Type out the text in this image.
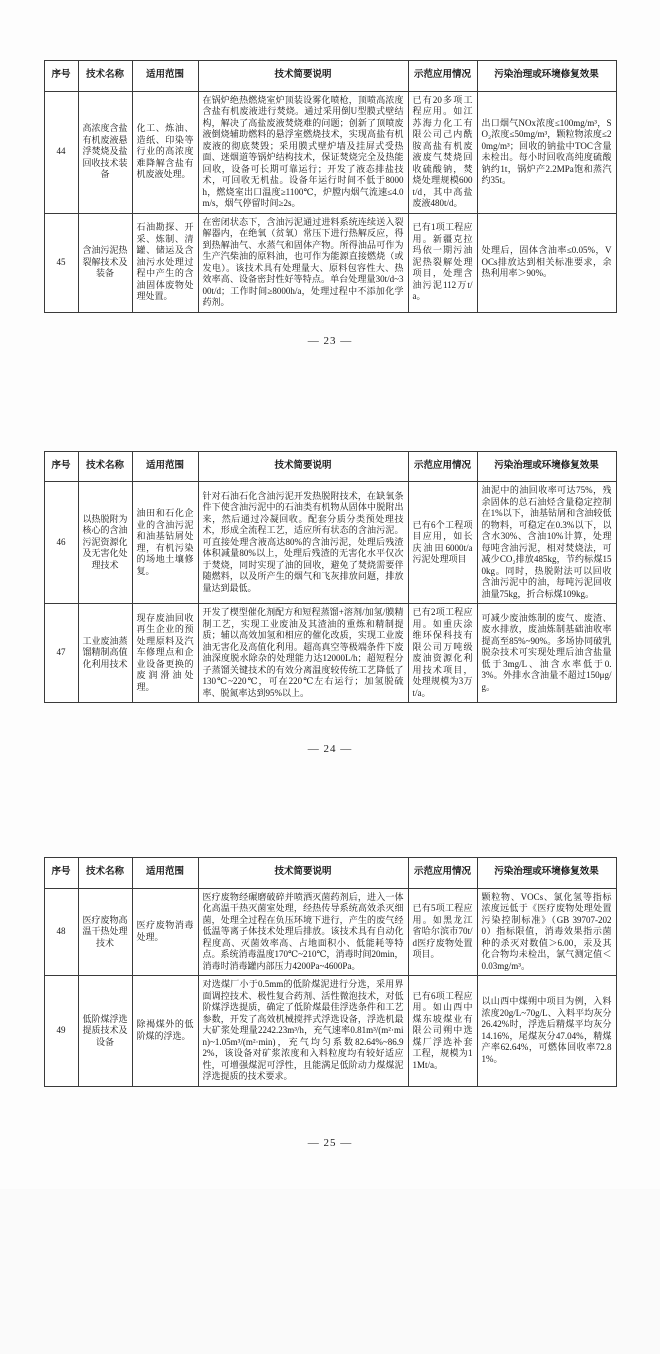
序号	技术名称	适用范围	技术简要说明	示范应用情况	污染治理或环境修复效果
44	高浓度含盐有机废液悬浮焚烧及盐回收技术装备	化工、炼油、造纸、印染等行业的高浓度难降解含盐有机废液处理。	在锅炉绝热燃烧室炉顶装设雾化喷枪，顶喷高浓度含盐有机废液进行焚烧。通过采用倒U型膜式壁结构，解决了高盐废液焚烧难的问题；创新了顶喷废液倒烧辅助燃料的悬浮室燃烧技术，实现高盐有机废液的彻底焚毁；采用膜式壁炉墙及挂屏式受热面、迷烟道等锅炉结构技术，保证焚烧完全及热能回收，设备可长期可靠运行；开发了液态排盐技术，可回收无机盐。设备年运行时间不低于8000h，燃烧室出口温度≥1100℃，炉膛内烟气流速≤4.0m/s，烟气停留时间≥2s。	已有20多项工程应用。如江苏海力化工有限公司己内酰胺高盐有机废液废气焚烧回收硫酸钠，焚烧处理规模600t/d，其中高盐废液480t/d。	出口烟气NOx浓度≤100mg/m³，SO₂浓度≤50mg/m³，颗粒物浓度≤20mg/m³；回收的钠盐中TOC含量未检出。每小时回收高纯度硫酸钠约1t，锅炉产2.2MPa饱和蒸汽约35t。
45	含油污泥热裂解技术及装备	石油勘探、开采、炼制、清罐、储运及含油污水处理过程中产生的含油固体废物处理处置。	在密闭状态下，含油污泥通过进料系统连续送入裂解器内，在绝氧（贫氧）常压下进行热解反应，得到热解油气、水蒸气和固体产物。所得油品可作为生产汽柴油的原料油，也可作为能源直接燃烧（或发电）。该技术具有处理量大、原料包容性大、热效率高、设备密封性好等特点。单台处理量30t/d~300t/d；工作时间≥8000h/a，处理过程中不添加化学药剂。	已有1项工程应用。新疆克拉玛依一期污油泥热裂解处理项目，处理含油污泥112万t/a。	处理后，固体含油率≤0.05%，VOCs排放达到相关标准要求，余热利用率＞90%。
— 23 —
序号	技术名称	适用范围	技术简要说明	示范应用情况	污染治理或环境修复效果
46	以热脱附为核心的含油污泥资源化及无害化处理技术	油田和石化企业的含油污泥和油基钻屑处理，有机污染的场地土壤修复。	针对石油石化含油污泥开发热脱附技术，在缺氧条件下使含油污泥中的石油类有机物从固体中脱附出来，然后通过冷凝回收。配套分质分类预处理技术，形成全流程工艺，适应所有状态的含油污泥。可直接处理含液高达80%的含油污泥，处理后残渣体积减量80%以上，处理后残渣的无害化水平仅次于焚烧，同时实现了油的回收，避免了焚烧需要伴随燃料，以及所产生的烟气和飞灰排放问题，排放量达到最低。	已有6个工程项目应用，如长庆油田6000t/a污泥处理项目	油泥中的油回收率可达75%，残余固体的总石油烃含量稳定控制在1%以下，油基钻屑和含油较低的物料，可稳定在0.3%以下，以含水30%、含油10%计算，处理每吨含油污泥，相对焚烧法，可减少CO₂排放485kg，节约标煤150kg。同时，热脱附法可以回收含油污泥中的油，每吨污泥回收油量75kg，折合标煤109kg。
47	工业废油蒸馏精制高值化利用技术	现存废油回收再生企业的预处理原料及汽车修理点和企业设备更换的废润滑油处理。	开发了楔型催化剂配方和短程蒸馏+溶剂/加氢/膜精制工艺，实现工业废油及其渣油的重炼和精制提质；辅以高效加氢和相应的催化改质，实现工业废油无害化及高值化利用。超高真空等极端条件下废油深度脱水除杂的处理能力达12000L/h；超短程分子蒸馏关键技术的有效分离温度较传统工艺降低了130℃~220℃，可在220℃左右运行；加氢脱硫率、脱氮率达到95%以上。	已有2项工程应用。如重庆涂维环保科技有限公司万吨级废油资源化利用技术项目，处理规模为3万t/a。	可减少废油炼制的废气、废渣、废水排放，废油炼制基础油收率提高至85%~90%。多场协同破乳脱杂技术可实现处理后油含盐量低于3mg/L、油含水率低于0.3%。外排水含油量不超过150μg/g。
— 24 —
序号	技术名称	适用范围	技术简要说明	示范应用情况	污染治理或环境修复效果
48	医疗废物高温干热处理技术	医疗废物消毒处理。	医疗废物经碾磨破碎并喷洒灭菌药剂后，进入一体化高温干热灭菌室处理，经热传导系统高效杀灭细菌，处理全过程在负压环境下进行，产生的废气经低温等离子体技术处理后排放。该技术具有自动化程度高、灭菌效率高、占地面积小、低能耗等特点。系统消毒温度170℃~210℃，消毒时间20min，消毒时消毒罐内部压力4200Pa~4600Pa。	已有5项工程应用。如黑龙江省哈尔滨市70t/d医疗废物处置项目。	颗粒物、VOCs、氯化氢等指标浓度远低于《医疗废物处理处置污染控制标准》（GB 39707-2020）指标限值，消毒效果指示菌种的杀灭对数值＞6.00，汞及其化合物均未检出，氯气测定值＜0.03mg/m³。
49	低阶煤浮选提质技术及设备	除褐煤外的低阶煤的浮选。	对选煤厂小于0.5mm的低阶煤泥进行分选，采用界面调控技术、极性复合药剂、活性微泡技术，对低阶煤浮选提质，确定了低阶煤最佳浮选条件和工艺参数，开发了高效机械搅拌式浮选设备，浮选机最大矿浆处理量2242.23m³/h，充气速率0.81m³/(m²·min)~1.05m³/(m²·min)，充气均匀系数82.64%~86.92%，该设备对矿浆浓度和入料粒度均有较好适应性，可增强煤泥可浮性，且能满足低阶动力煤煤泥浮选提质的技术要求。	已有6项工程应用。如山西中煤东坡煤业有限公司朔中选煤厂浮选补套工程，规模为11Mt/a。	以山西中煤朔中项目为例，入料浓度20g/L~70g/L、入料平均灰分26.42%时，浮选后精煤平均灰分14.16%，尾煤灰分47.04%，精煤产率62.64%，可燃体回收率72.81%。
— 25 —
